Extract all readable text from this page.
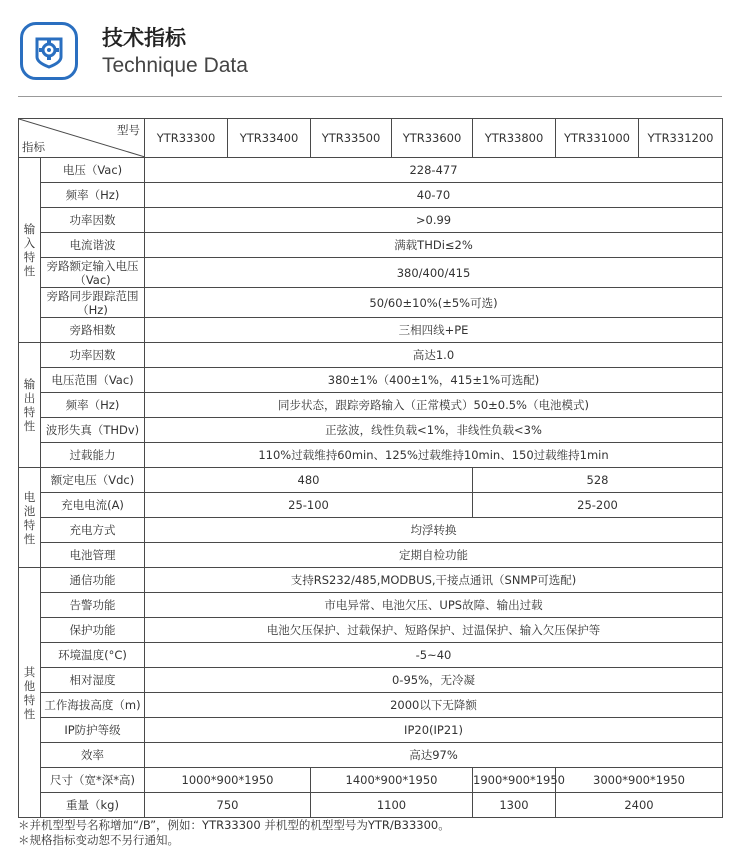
技术指标
Technique Data
型号
指标		YTR33300	YTR33400	YTR33500	YTR33600	YTR33800	YTR331000	YTR331200
输入特性	电压（Vac)	228-477						
	频率（Hz)	40-70						
	功率因数	>0.99						
	电流谐波	满载THDi≤2%						
	旁路额定输入电压（Vac)	380/400/415						
	旁路同步跟踪范围（Hz)	50/60±10%(±5%可选)						
	旁路相数	三相四线+PE						
输出特性	功率因数	高达1.0						
	电压范围（Vac)	380±1%（400±1%，415±1%可选配)						
	频率（Hz)	同步状态，跟踪旁路输入（正常模式）50±0.5%（电池模式)						
	波形失真（THDv)	正弦波，线性负载<1%，非线性负载<3%						
	过载能力	110%过载维持60min、125%过载维持10min、150过载维持1min						
电池特性	额定电压（Vdc)	480				528		
	充电电流(A)	25-100				25-200		
	充电方式	均浮转换						
	电池管理	定期自检功能						
其他特性	通信功能	支持RS232/485,MODBUS,干接点通讯（SNMP可选配)						
	告警功能	市电异常、电池欠压、UPS故障、输出过载						
	保护功能	电池欠压保护、过载保护、短路保护、过温保护、输入欠压保护等						
	环境温度(°C)	-5~40						
	相对湿度	0-95%，无冷凝						
	工作海拔高度（m)	2000以下无降额						
	IP防护等级	IP20(IP21)						
	效率	高达97%						
	尺寸（宽*深*高)	1000*900*1950		1400*900*1950		1900*900*1950	3000*900*1950	
	重量（kg)	750		1100		1300	2400	
＊并机型型号名称增加“/B”，例如：YTR33300 并机型的机型型号为YTR/B33300。
＊规格指标变动恕不另行通知。
